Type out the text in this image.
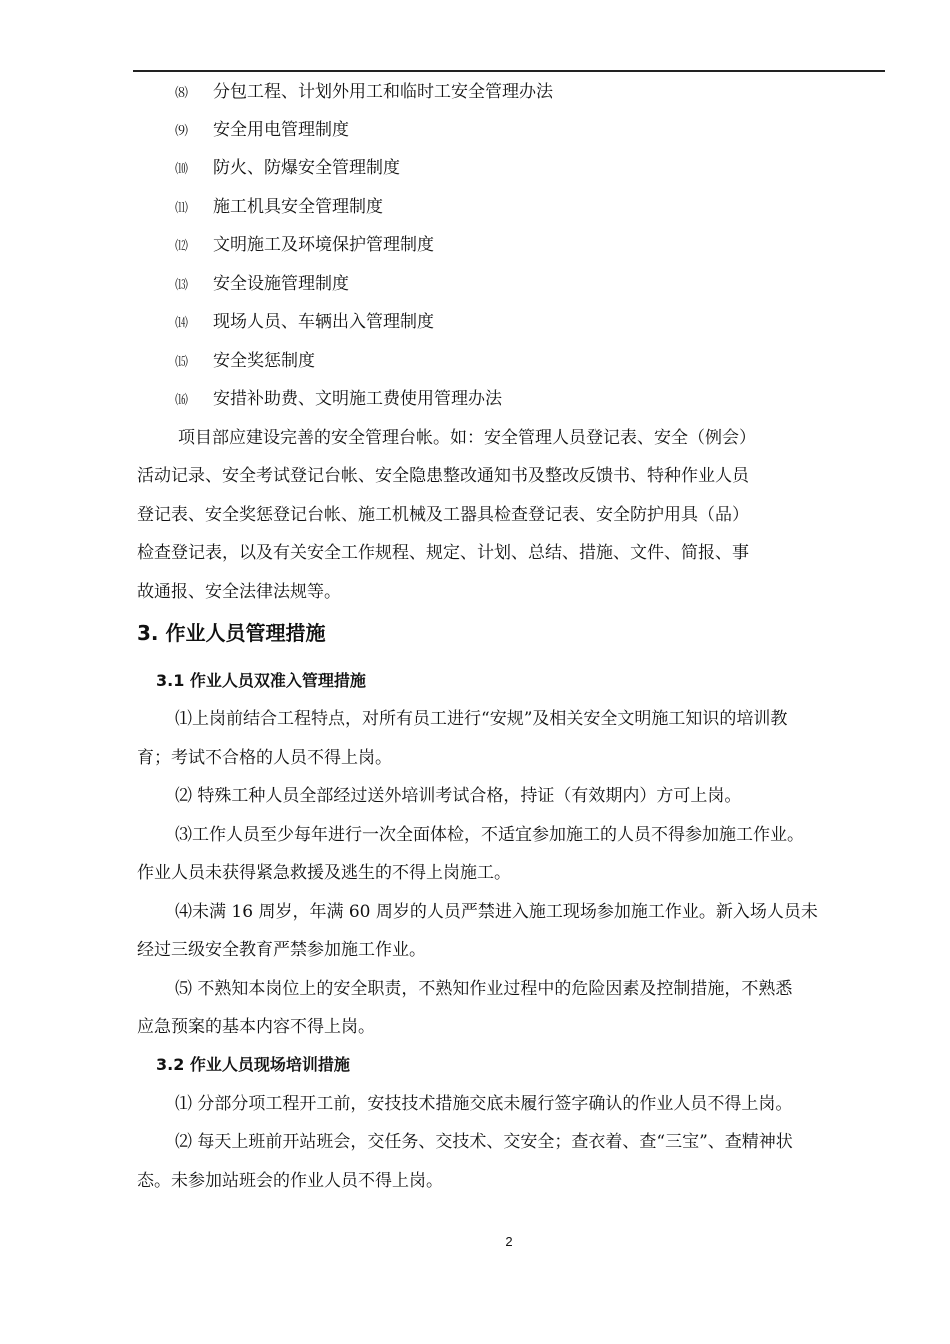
⑻ 分包工程、计划外用工和临时工安全管理办法
⑼ 安全用电管理制度
⑽ 防火、防爆安全管理制度
⑾ 施工机具安全管理制度
⑿ 文明施工及环境保护管理制度
⒀ 安全设施管理制度
⒁ 现场人员、车辆出入管理制度
⒂ 安全奖惩制度
⒃ 安措补助费、文明施工费使用管理办法
项目部应建设完善的安全管理台帐。如：安全管理人员登记表、安全（例会）
活动记录、安全考试登记台帐、安全隐患整改通知书及整改反馈书、特种作业人员
登记表、安全奖惩登记台帐、施工机械及工器具检查登记表、安全防护用具（品）
检查登记表，以及有关安全工作规程、规定、计划、总结、措施、文件、简报、事
故通报、安全法律法规等。
3. 作业人员管理措施
3.1 作业人员双准入管理措施
⑴上岗前结合工程特点，对所有员工进行“安规”及相关安全文明施工知识的培训教
育；考试不合格的人员不得上岗。
⑵ 特殊工种人员全部经过送外培训考试合格，持证（有效期内）方可上岗。
⑶工作人员至少每年进行一次全面体检，不适宜参加施工的人员不得参加施工作业。
作业人员未获得紧急救援及逃生的不得上岗施工。
⑷未满 16 周岁，年满 60 周岁的人员严禁进入施工现场参加施工作业。新入场人员未
经过三级安全教育严禁参加施工作业。
⑸ 不熟知本岗位上的安全职责，不熟知作业过程中的危险因素及控制措施，不熟悉
应急预案的基本内容不得上岗。
3.2 作业人员现场培训措施
⑴ 分部分项工程开工前，安技技术措施交底未履行签字确认的作业人员不得上岗。
⑵ 每天上班前开站班会，交任务、交技术、交安全；查衣着、查“三宝”、查精神状
态。未参加站班会的作业人员不得上岗。
2
